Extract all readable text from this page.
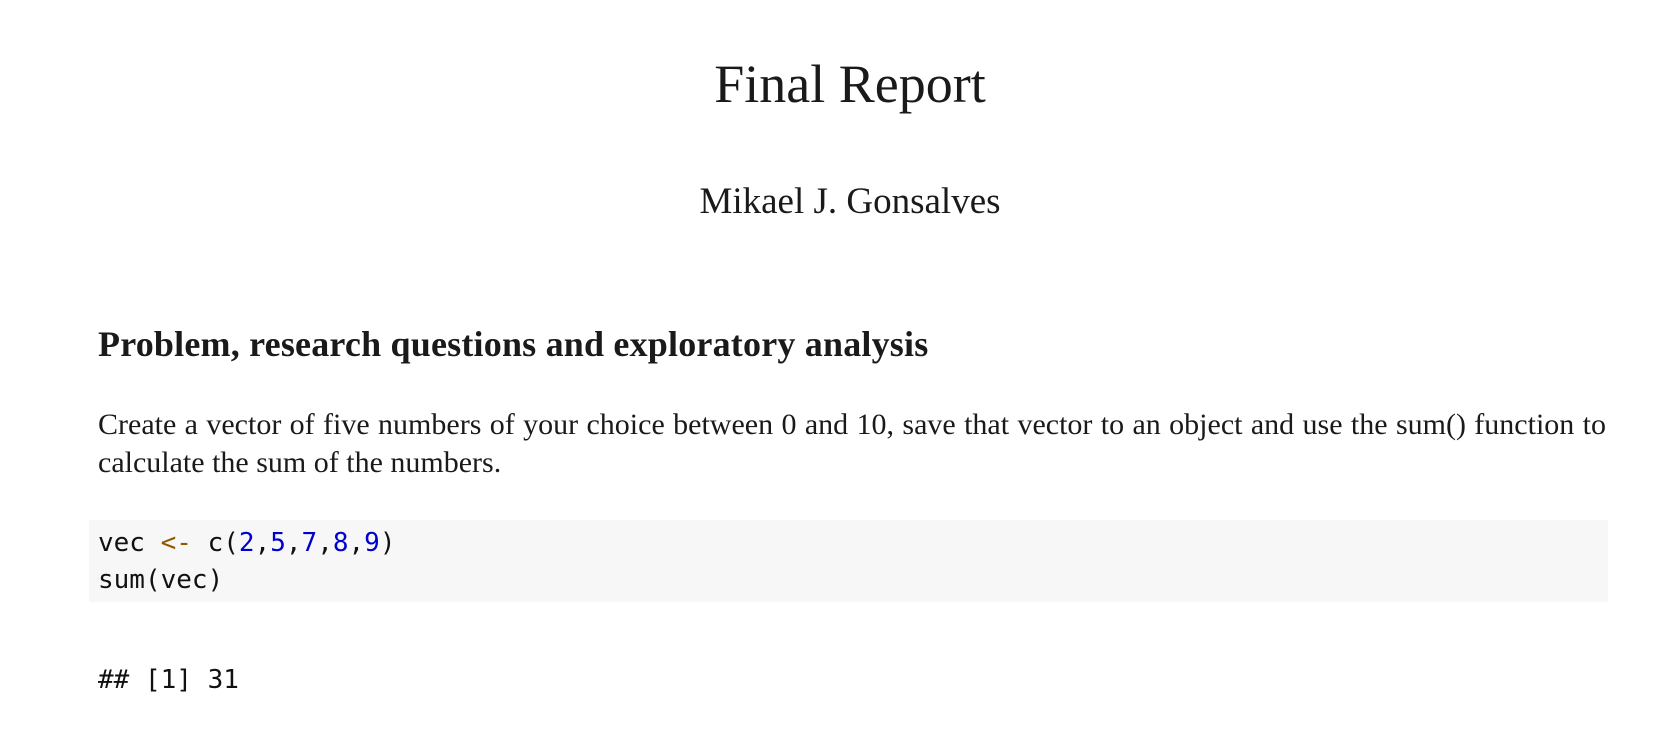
Final Report
Mikael J. Gonsalves
Problem, research questions and exploratory analysis

Create a vector of five numbers of your choice between 0 and 10, save that vector to an object and use the sum() function to calculate the sum of the numbers.

vec <- c(2,5,7,8,9)
sum(vec)
## [1] 31
